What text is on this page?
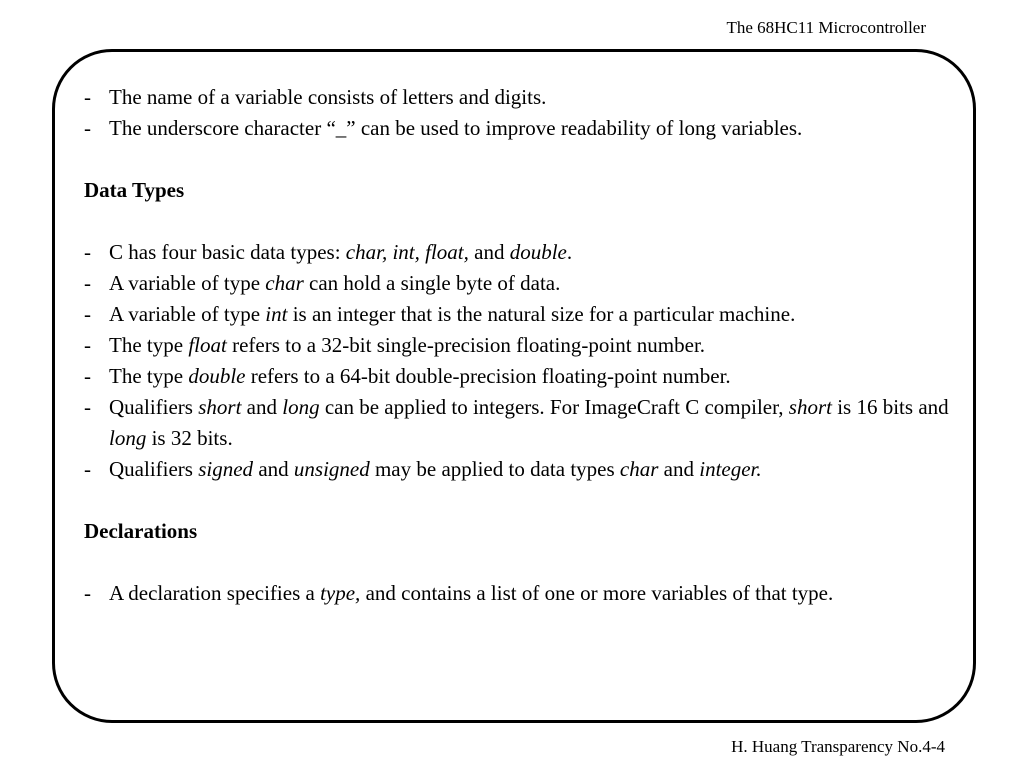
The 68HC11 Microcontroller
- The name of a variable consists of letters and digits.
- The underscore character “_” can be used to improve readability of long variables.
Data Types
- C has four basic data types: char, int, float, and double.
- A variable of type char can hold a single byte of data.
- A variable of type int is an integer that is the natural size for a particular machine.
- The type float refers to a 32-bit single-precision floating-point number.
- The type double refers to a 64-bit double-precision floating-point number.
- Qualifiers short and long can be applied to integers. For ImageCraft C compiler, short is 16 bits and long is 32 bits.
- Qualifiers signed and unsigned may be applied to data types char and integer.
Declarations
- A declaration specifies a type, and contains a list of one or more variables of that type.
H. Huang Transparency No.4-4
